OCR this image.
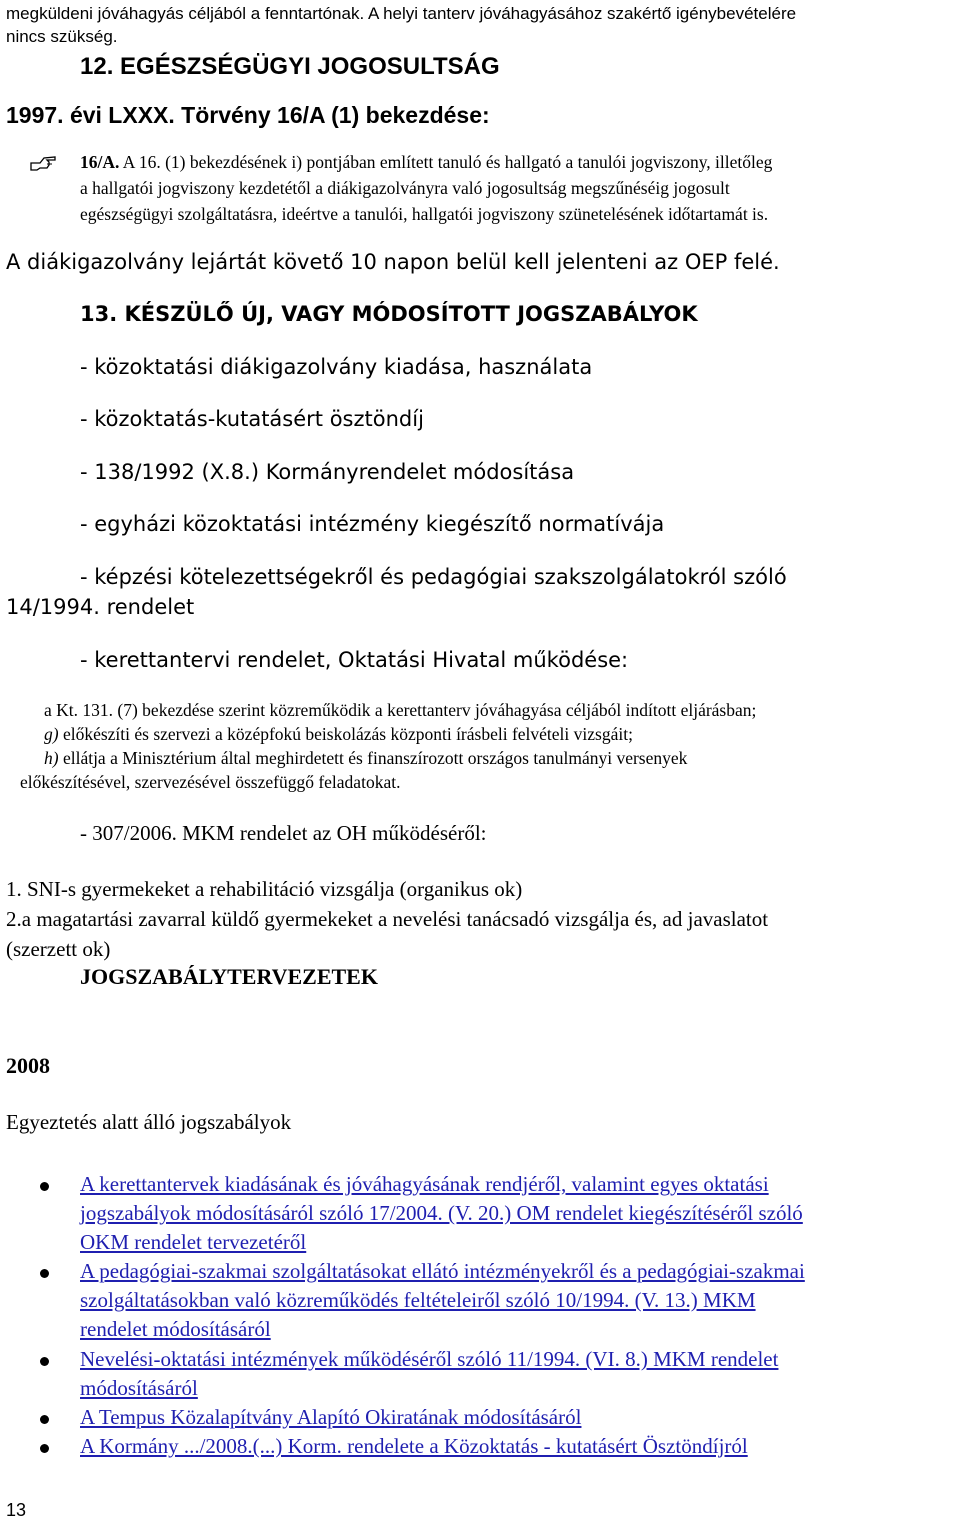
megküldeni jóváhagyás céljából a fenntartónak. A helyi tanterv jóváhagyásához szakértő igénybevételére
nincs szükség.
12. EGÉSZSÉGÜGYI JOGOSULTSÁG
1997. évi LXXX. Törvény 16/A (1) bekezdése:
16/A. A 16. (1) bekezdésének i) pontjában említett tanuló és hallgató a tanulói jogviszony, illetőleg
a hallgatói jogviszony kezdetétől a diákigazolványra való jogosultság megszűnéséig jogosult
egészségügyi szolgáltatásra, ideértve a tanulói, hallgatói jogviszony szünetelésének időtartamát is.
A diákigazolvány lejártát követő 10 napon belül kell jelenteni az OEP felé.
13. KÉSZÜLŐ ÚJ, VAGY MÓDOSÍTOTT JOGSZABÁLYOK
- közoktatási diákigazolvány kiadása, használata
- közoktatás-kutatásért ösztöndíj
- 138/1992 (X.8.) Kormányrendelet módosítása
- egyházi közoktatási intézmény kiegészítő normatívája
- képzési kötelezettségekről és pedagógiai szakszolgálatokról szóló
14/1994. rendelet
- kerettantervi rendelet, Oktatási Hivatal működése:
a Kt. 131. (7) bekezdése szerint közreműködik a kerettanterv jóváhagyása céljából indított eljárásban;
g) előkészíti és szervezi a középfokú beiskolázás központi írásbeli felvételi vizsgáit;
h) ellátja a Minisztérium által meghirdetett és finanszírozott országos tanulmányi versenyek
előkészítésével, szervezésével összefüggő feladatokat.
- 307/2006. MKM rendelet az OH működéséről:
1. SNI-s gyermekeket a rehabilitáció vizsgálja (organikus ok)
2.a magatartási zavarral küldő gyermekeket a nevelési tanácsadó vizsgálja és, ad javaslatot
(szerzett ok)
JOGSZABÁLYTERVEZETEK
2008
Egyeztetés alatt álló jogszabályok
A kerettantervek kiadásának és jóváhagyásának rendjéről, valamint egyes oktatási
jogszabályok módosításáról szóló 17/2004. (V. 20.) OM rendelet kiegészítéséről szóló
OKM rendelet tervezetéről
A pedagógiai-szakmai szolgáltatásokat ellátó intézményekről és a pedagógiai-szakmai
szolgáltatásokban való közreműködés feltételeiről szóló 10/1994. (V. 13.) MKM
rendelet módosításáról
Nevelési-oktatási intézmények működéséről szóló 11/1994. (VI. 8.) MKM rendelet
módosításáról
A Tempus Közalapítvány Alapító Okiratának módosításáról
A Kormány .../2008.(...) Korm. rendelete a Közoktatás - kutatásért Ösztöndíjról
13
